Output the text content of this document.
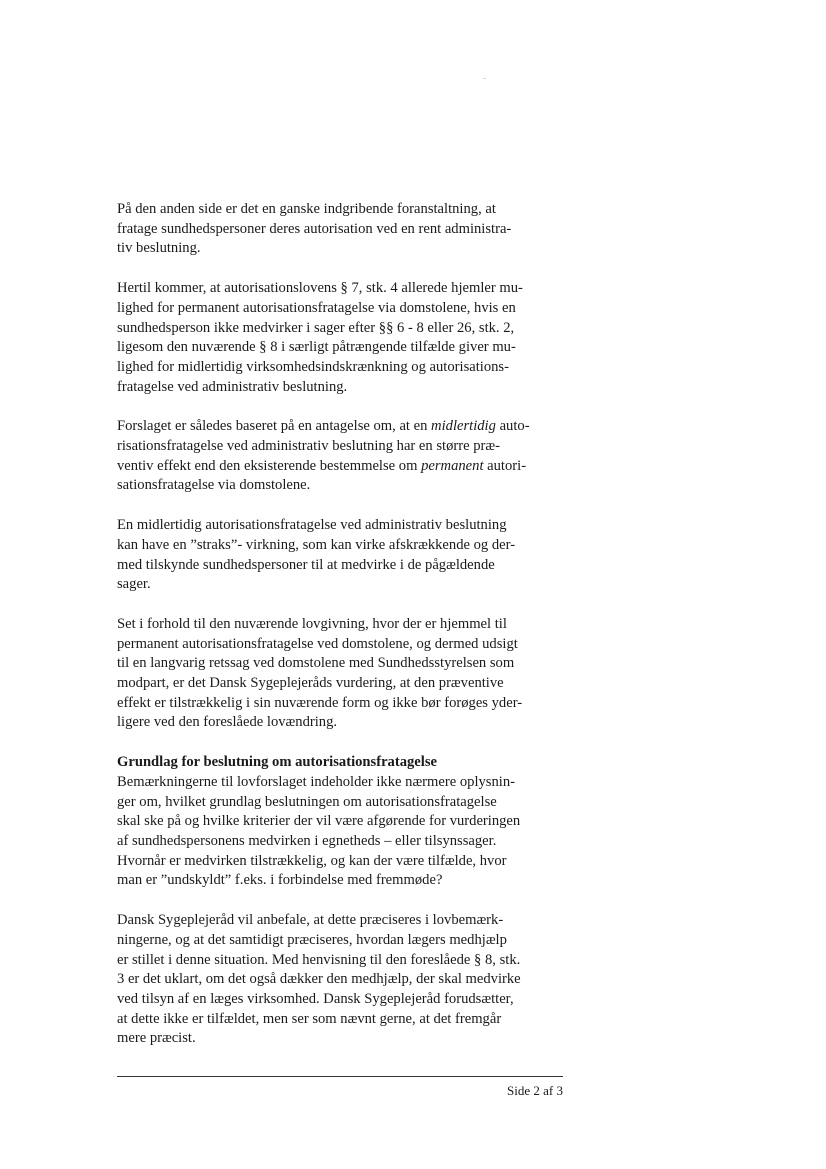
På den anden side er det en ganske indgribende foranstaltning, at
fratage sundhedspersoner deres autorisation ved en rent administra-
tiv beslutning.
Hertil kommer, at autorisationslovens § 7, stk. 4 allerede hjemler mu-
lighed for permanent autorisationsfratagelse via domstolene, hvis en
sundhedsperson ikke medvirker i sager efter §§ 6 - 8 eller 26, stk. 2,
ligesom den nuværende § 8 i særligt påtrængende tilfælde giver mu-
lighed for midlertidig virksomhedsindskrænkning og autorisations-
fratagelse ved administrativ beslutning.
Forslaget er således baseret på en antagelse om, at en midlertidig auto-
risationsfratagelse ved administrativ beslutning har en større præ-
ventiv effekt end den eksisterende bestemmelse om permanent autori-
sationsfratagelse via domstolene.
En midlertidig autorisationsfratagelse ved administrativ beslutning
kan have en ”straks”- virkning, som kan virke afskrækkende og der-
med tilskynde sundhedspersoner til at medvirke i de pågældende
sager.
Set i forhold til den nuværende lovgivning, hvor der er hjemmel til
permanent autorisationsfratagelse ved domstolene, og dermed udsigt
til en langvarig retssag ved domstolene med Sundhedsstyrelsen som
modpart, er det Dansk Sygeplejeråds vurdering, at den præventive
effekt er tilstrækkelig i sin nuværende form og ikke bør forøges yder-
ligere ved den foreslåede lovændring.
Grundlag for beslutning om autorisationsfratagelse
Bemærkningerne til lovforslaget indeholder ikke nærmere oplysnin-
ger om, hvilket grundlag beslutningen om autorisationsfratagelse
skal ske på og hvilke kriterier der vil være afgørende for vurderingen
af sundhedspersonens medvirken i egnetheds – eller tilsynssager.
Hvornår er medvirken tilstrækkelig, og kan der være tilfælde, hvor
man er ”undskyldt” f.eks. i forbindelse med fremmøde?
Dansk Sygeplejeråd vil anbefale, at dette præciseres i lovbemærk-
ningerne, og at det samtidigt præciseres, hvordan lægers medhjælp
er stillet i denne situation. Med henvisning til den foreslåede § 8, stk.
3 er det uklart, om det også dækker den medhjælp, der skal medvirke
ved tilsyn af en læges virksomhed. Dansk Sygeplejeråd forudsætter,
at dette ikke er tilfældet, men ser som nævnt gerne, at det fremgår
mere præcist.
Side 2 af 3
